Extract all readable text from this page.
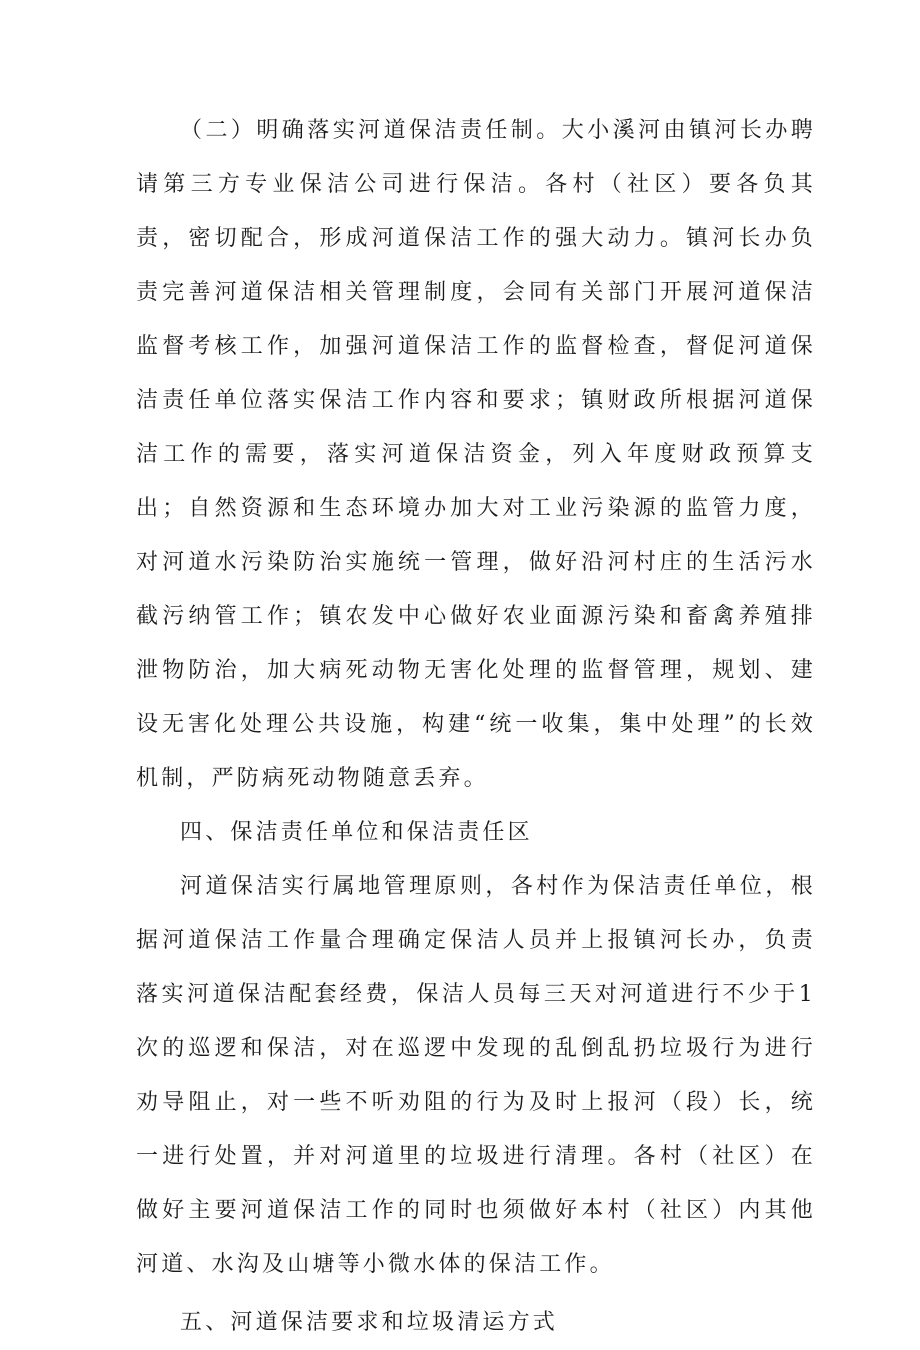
（二）明确落实河道保洁责任制。大小溪河由镇河长办聘请第三方专业保洁公司进行保洁。各村（社区）要各负其责，密切配合，形成河道保洁工作的强大动力。镇河长办负责完善河道保洁相关管理制度，会同有关部门开展河道保洁监督考核工作，加强河道保洁工作的监督检查，督促河道保洁责任单位落实保洁工作内容和要求；镇财政所根据河道保洁工作的需要，落实河道保洁资金，列入年度财政预算支出；自然资源和生态环境办加大对工业污染源的监管力度，对河道水污染防治实施统一管理，做好沿河村庄的生活污水截污纳管工作；镇农发中心做好农业面源污染和畜禽养殖排泄物防治，加大病死动物无害化处理的监督管理，规划、建设无害化处理公共设施，构建“统一收集，集中处理”的长效机制，严防病死动物随意丢弃。

四、保洁责任单位和保洁责任区

河道保洁实行属地管理原则，各村作为保洁责任单位，根据河道保洁工作量合理确定保洁人员并上报镇河长办，负责落实河道保洁配套经费，保洁人员每三天对河道进行不少于1次的巡逻和保洁，对在巡逻中发现的乱倒乱扔垃圾行为进行劝导阻止，对一些不听劝阻的行为及时上报河（段）长，统一进行处置，并对河道里的垃圾进行清理。各村（社区）在做好主要河道保洁工作的同时也须做好本村（社区）内其他河道、水沟及山塘等小微水体的保洁工作。

五、河道保洁要求和垃圾清运方式
